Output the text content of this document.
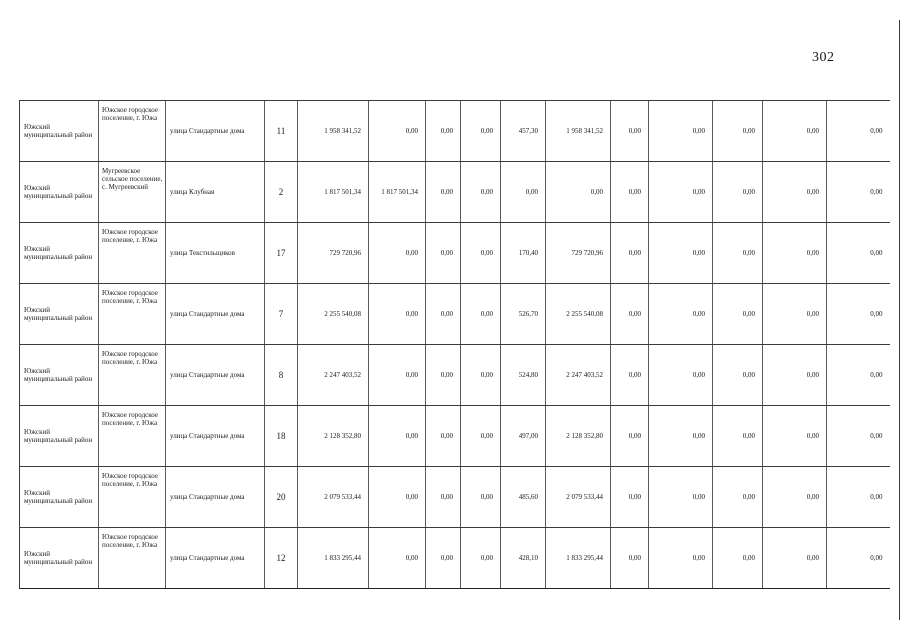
302
Южский муниципальный район	Южское городское поселение, г. Южа	улица Стандартные дома	11	1 958 341,52	0,00	0,00	0,00	457,30	1 958 341,52	0,00	0,00	0,00	0,00	0,00
Южский муниципальный район	Мугреевское сельское поселение, с. Мугреевский	улица Клубная	2	1 817 501,34	1 817 501,34	0,00	0,00	0,00	0,00	0,00	0,00	0,00	0,00	0,00
Южский муниципальный район	Южское городское поселение, г. Южа	улица Текстильщиков	17	729 720,96	0,00	0,00	0,00	170,40	729 720,96	0,00	0,00	0,00	0,00	0,00
Южский муниципальный район	Южское городское поселение, г. Южа	улица Стандартные дома	7	2 255 540,08	0,00	0,00	0,00	526,70	2 255 540,08	0,00	0,00	0,00	0,00	0,00
Южский муниципальный район	Южское городское поселение, г. Южа	улица Стандартные дома	8	2 247 403,52	0,00	0,00	0,00	524,80	2 247 403,52	0,00	0,00	0,00	0,00	0,00
Южский муниципальный район	Южское городское поселение, г. Южа	улица Стандартные дома	18	2 128 352,80	0,00	0,00	0,00	497,00	2 128 352,80	0,00	0,00	0,00	0,00	0,00
Южский муниципальный район	Южское городское поселение, г. Южа	улица Стандартные дома	20	2 079 533,44	0,00	0,00	0,00	485,60	2 079 533,44	0,00	0,00	0,00	0,00	0,00
Южский муниципальный район	Южское городское поселение, г. Южа	улица Стандартные дома	12	1 833 295,44	0,00	0,00	0,00	428,10	1 833 295,44	0,00	0,00	0,00	0,00	0,00
